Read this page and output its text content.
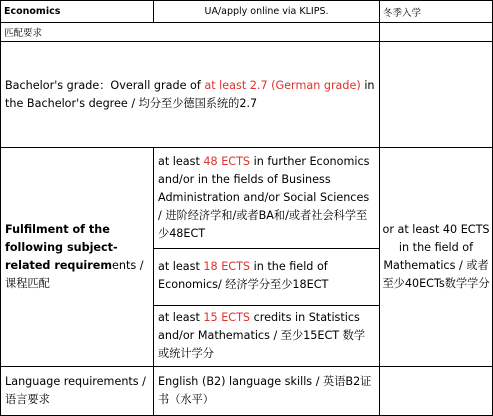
Economics	UA/apply online via KLIPS.	冬季入学
匹配要求
Bachelor's grade：Overall grade of at least 2.7 (German grade) in the Bachelor's degree / 均分至少德国系统的2.7
Fulfilment of the following subject-related requirements / 课程匹配
at least 48 ECTS in further Economics and/or in the fields of Business Administration and/or Social Sciences / 进阶经济学和/或者BA和/或者社会科学至少48ECT
at least 18 ECTS in the field of Economics/ 经济学分至少18ECT
at least 15 ECTS credits in Statistics and/or Mathematics / 至少15ECT 数学或统计学分
or at least 40 ECTS in the field of Mathematics / 或者至少40ECTs数学学分
Language requirements / 语言要求
English (B2) language skills / 英语B2证书（水平）
